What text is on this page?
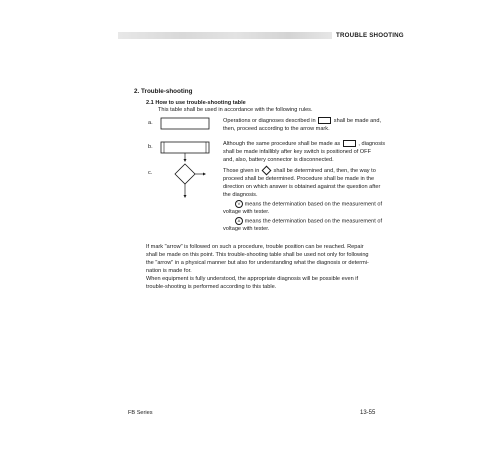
TROUBLE SHOOTING
2. Trouble-shooting
2.1 How to use trouble-shooting table
This table shall be used in accordance with the following rules.
a.
b.
c.
Operations or diagnoses described in	shall be made and,
then, proceed according to the arrow mark.
Although the same procedure shall be made as	, diagnosis
shall be made infallibly after key switch is positioned of OFF
and, also, battery connector is disconnected.
Those given in	shall be determined and, then, the way to
proceed shall be determined. Procedure shall be made in the
direction on which answer is obtained against the question after
the diagnosis.
V means the determination based on the measurement of
voltage with tester.
A means the determination based on the measurement of
voltage with tester.
If mark "arrow" is followed on such a procedure, trouble position can be reached. Repair
shall be made on this point. This trouble-shooting table shall be used not only for following
the "arrow" in a physical manner but also for understanding what the diagnosis or determi-
nation is made for.
When equipment is fully understood, the appropriate diagnosis will be possible even if
trouble-shooting is performed according to this table.
FB Series	13-55
